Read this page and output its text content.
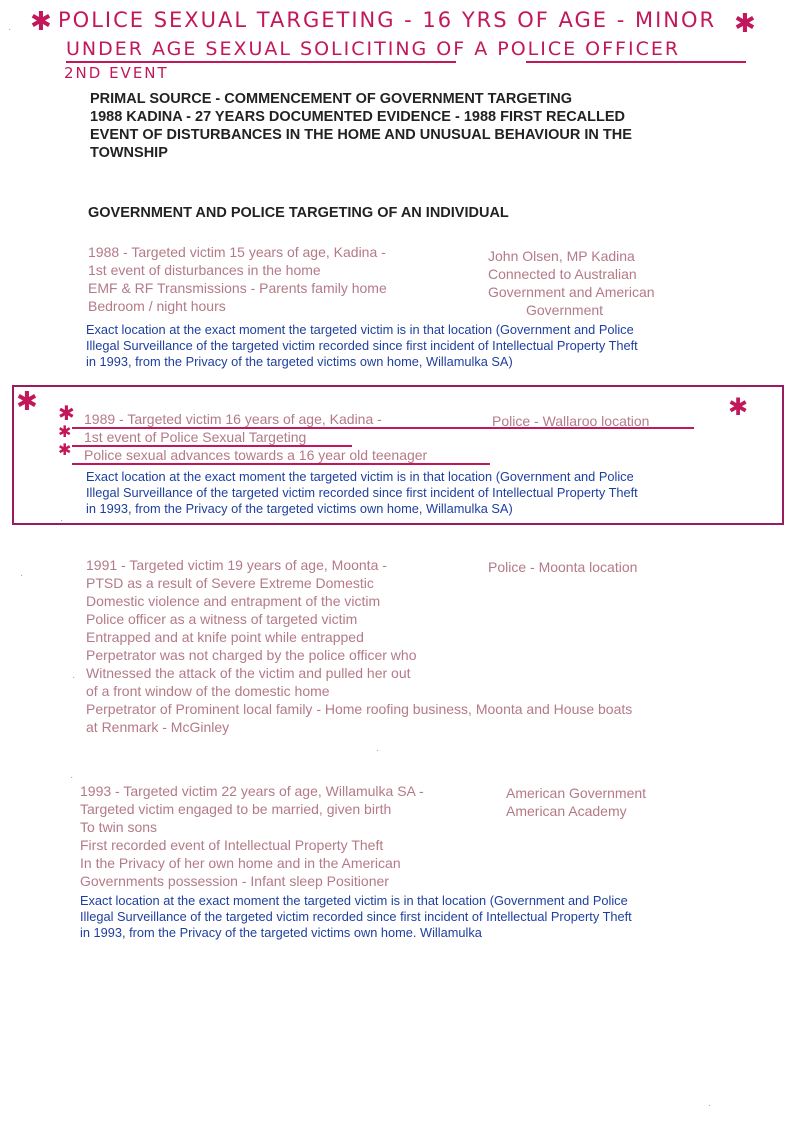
✱ POLICE SEXUAL TARGETING - 16 YRS OF AGE - MINOR ✱
UNDER AGE SEXUAL SOLICITING OF A POLICE OFFICER
2ND EVENT
PRIMAL SOURCE - COMMENCEMENT OF GOVERNMENT TARGETING
1988 KADINA - 27 YEARS DOCUMENTED EVIDENCE - 1988 FIRST RECALLED
EVENT OF DISTURBANCES IN THE HOME AND UNUSUAL BEHAVIOUR IN THE
TOWNSHIP
GOVERNMENT AND POLICE TARGETING OF AN INDIVIDUAL
1988 - Targeted victim 15 years of age, Kadina -
1st event of disturbances in the home
EMF & RF Transmissions - Parents family home
Bedroom / night hours
John Olsen, MP Kadina
Connected to Australian
Government and American
Government
Exact location at the exact moment the targeted victim is in that location (Government and Police
Illegal Surveillance of the targeted victim recorded since first incident of Intellectual Property Theft
in 1993, from the Privacy of the targeted victims own home, Willamulka SA)
✱	✱
✱
✱
✱
1989 - Targeted victim 16 years of age, Kadina -
1st event of Police Sexual Targeting
Police sexual advances towards a 16 year old teenager
Police - Wallaroo location
Exact location at the exact moment the targeted victim is in that location (Government and Police
Illegal Surveillance of the targeted victim recorded since first incident of Intellectual Property Theft
in 1993, from the Privacy of the targeted victims own home, Willamulka SA)
1991 - Targeted victim 19 years of age, Moonta -
PTSD as a result of Severe Extreme Domestic
Domestic violence and entrapment of the victim
Police officer as a witness of targeted victim
Entrapped and at knife point while entrapped
Perpetrator was not charged by the police officer who
Witnessed the attack of the victim and pulled her out
of a front window of the domestic home
Perpetrator of Prominent local family - Home roofing business, Moonta and House boats
at Renmark - McGinley
Police - Moonta location
1993 - Targeted victim 22 years of age, Willamulka SA -
Targeted victim engaged to be married, given birth
To twin sons
First recorded event of Intellectual Property Theft
In the Privacy of her own home and in the American
Governments possession - Infant sleep Positioner
American Government
American Academy
Exact location at the exact moment the targeted victim is in that location (Government and Police
Illegal Surveillance of the targeted victim recorded since first incident of Intellectual Property Theft
in 1993, from the Privacy of the targeted victims own home. Willamulka
·
·
·
·
·
·
·
